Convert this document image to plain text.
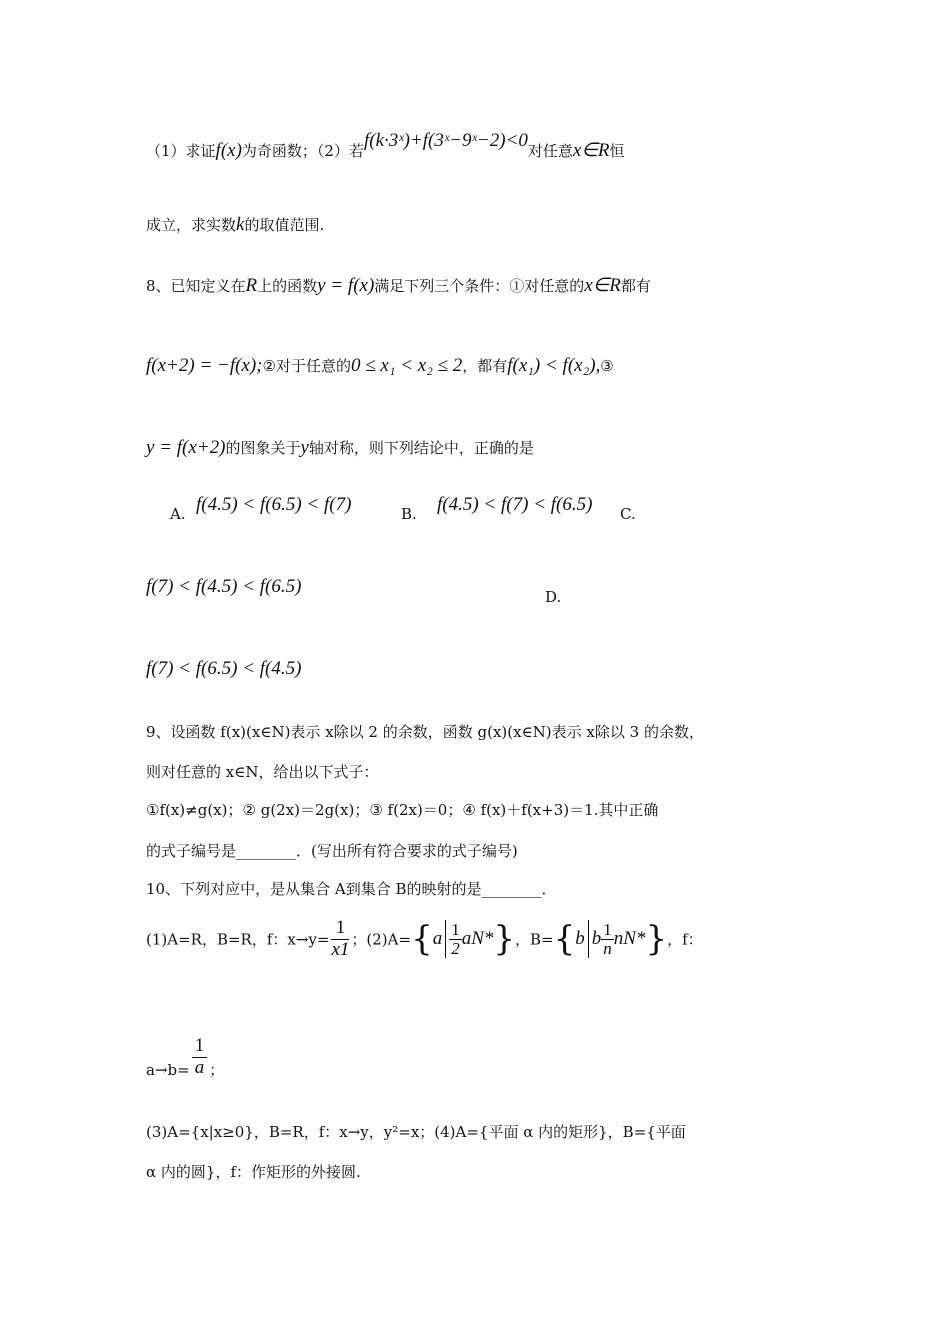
（1）求证f(x)为奇函数；（2）若f(k·3ˣ)+f(3ˣ−9ˣ−2)<0对任意x∈R恒
成立，求实数k的取值范围.
8、已知定义在R上的函数y = f(x)满足下列三个条件：①对任意的x∈R都有
f(x+2) = −f(x);②对于任意的0 ≤ x₁ < x₂ ≤ 2，都有f(x₁) < f(x₂),③
y = f(x+2)的图象关于y轴对称，则下列结论中，正确的是
A. f(4.5) < f(6.5) < f(7)	B. f(4.5) < f(7) < f(6.5) C.
f(7) < f(4.5) < f(6.5)	D.
f(7) < f(6.5) < f(4.5)
9、设函数 f(x)(x∈N)表示 x除以 2 的余数，函数 g(x)(x∈N)表示 x除以 3 的余数，
则对任意的 x∈N，给出以下式子：
①f(x)≠g(x)；② g(2x)＝2g(x)；③ f(2x)＝0；④ f(x)＋f(x+3)＝1.其中正确
的式子编号是________．(写出所有符合要求的式子编号)
10、下列对应中，是从集合 A到集合 B的映射的是________．
(1)A=R，B=R，f：$x\to y= \frac{1}{x1}$ ；$(2)A=\{a \frac{1}{2} aN*\}$，B={b b $\frac{1}{n} nN*$}，f：
$a\to b= \frac{1}{a}$ ；
(3)A={x|x≥0}，B=R，f：x→y，y²=x；(4)A={平面 α 内的矩形}，B={平面
α 内的圆}，f：作矩形的外接圆.
